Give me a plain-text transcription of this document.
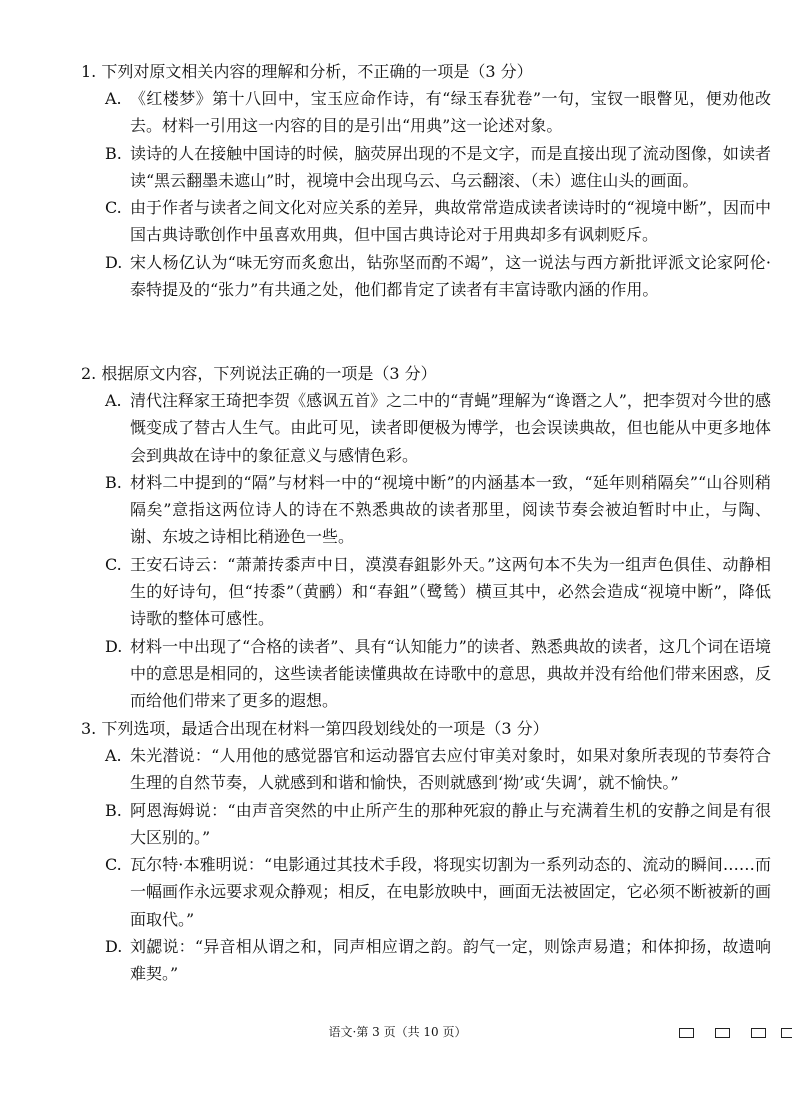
1. 下列对原文相关内容的理解和分析，不正确的一项是（3 分）

A. 《红楼梦》第十八回中，宝玉应命作诗，有“绿玉春犹卷”一句，宝钗一眼瞥见，便劝他改去。材料一引用这一内容的目的是引出“用典”这一论述对象。
B. 读诗的人在接触中国诗的时候，脑荧屏出现的不是文字，而是直接出现了流动图像，如读者读“黑云翻墨未遮山”时，视境中会出现乌云、乌云翻滚、（未）遮住山头的画面。
C. 由于作者与读者之间文化对应关系的差异，典故常常造成读者读诗时的“视境中断”，因而中国古典诗歌创作中虽喜欢用典，但中国古典诗论对于用典却多有讽刺贬斥。
D. 宋人杨亿认为“味无穷而炙愈出，钻弥坚而酌不竭”，这一说法与西方新批评派文论家阿伦·泰特提及的“张力”有共通之处，他们都肯定了读者有丰富诗歌内涵的作用。

2. 根据原文内容，下列说法正确的一项是（3 分）

A. 清代注释家王琦把李贺《感讽五首》之二中的“青蝇”理解为“谗谮之人”，把李贺对今世的感慨变成了替古人生气。由此可见，读者即便极为博学，也会误读典故，但也能从中更多地体会到典故在诗中的象征意义与感情色彩。
B. 材料二中提到的“隔”与材料一中的“视境中断”的内涵基本一致，“延年则稍隔矣”“山谷则稍隔矣”意指这两位诗人的诗在不熟悉典故的读者那里，阅读节奏会被迫暂时中止，与陶、谢、东坡之诗相比稍逊色一些。
C. 王安石诗云：“萧萧抟黍声中日，漠漠春鉏影外天。”这两句本不失为一组声色俱佳、动静相生的好诗句，但“抟黍”（黄鹂）和“春鉏”（鹭鸶）横亘其中，必然会造成“视境中断”，降低诗歌的整体可感性。
D. 材料一中出现了“合格的读者”、具有“认知能力”的读者、熟悉典故的读者，这几个词在语境中的意思是相同的，这些读者能读懂典故在诗歌中的意思，典故并没有给他们带来困惑，反而给他们带来了更多的遐想。

3. 下列选项，最适合出现在材料一第四段划线处的一项是（3 分）

A. 朱光潜说：“人用他的感觉器官和运动器官去应付审美对象时，如果对象所表现的节奏符合生理的自然节奏，人就感到和谐和愉快，否则就感到‘拗’或‘失调’，就不愉快。”
B. 阿恩海姆说：“由声音突然的中止所产生的那种死寂的静止与充满着生机的安静之间是有很大区别的。”
C. 瓦尔特·本雅明说：“电影通过其技术手段，将现实切割为一系列动态的、流动的瞬间……而一幅画作永远要求观众静观；相反，在电影放映中，画面无法被固定，它必须不断被新的画面取代。”
D. 刘勰说：“异音相从谓之和，同声相应谓之韵。韵气一定，则馀声易遣；和体抑扬，故遗响难契。”
语文·第 3 页（共 10 页）
